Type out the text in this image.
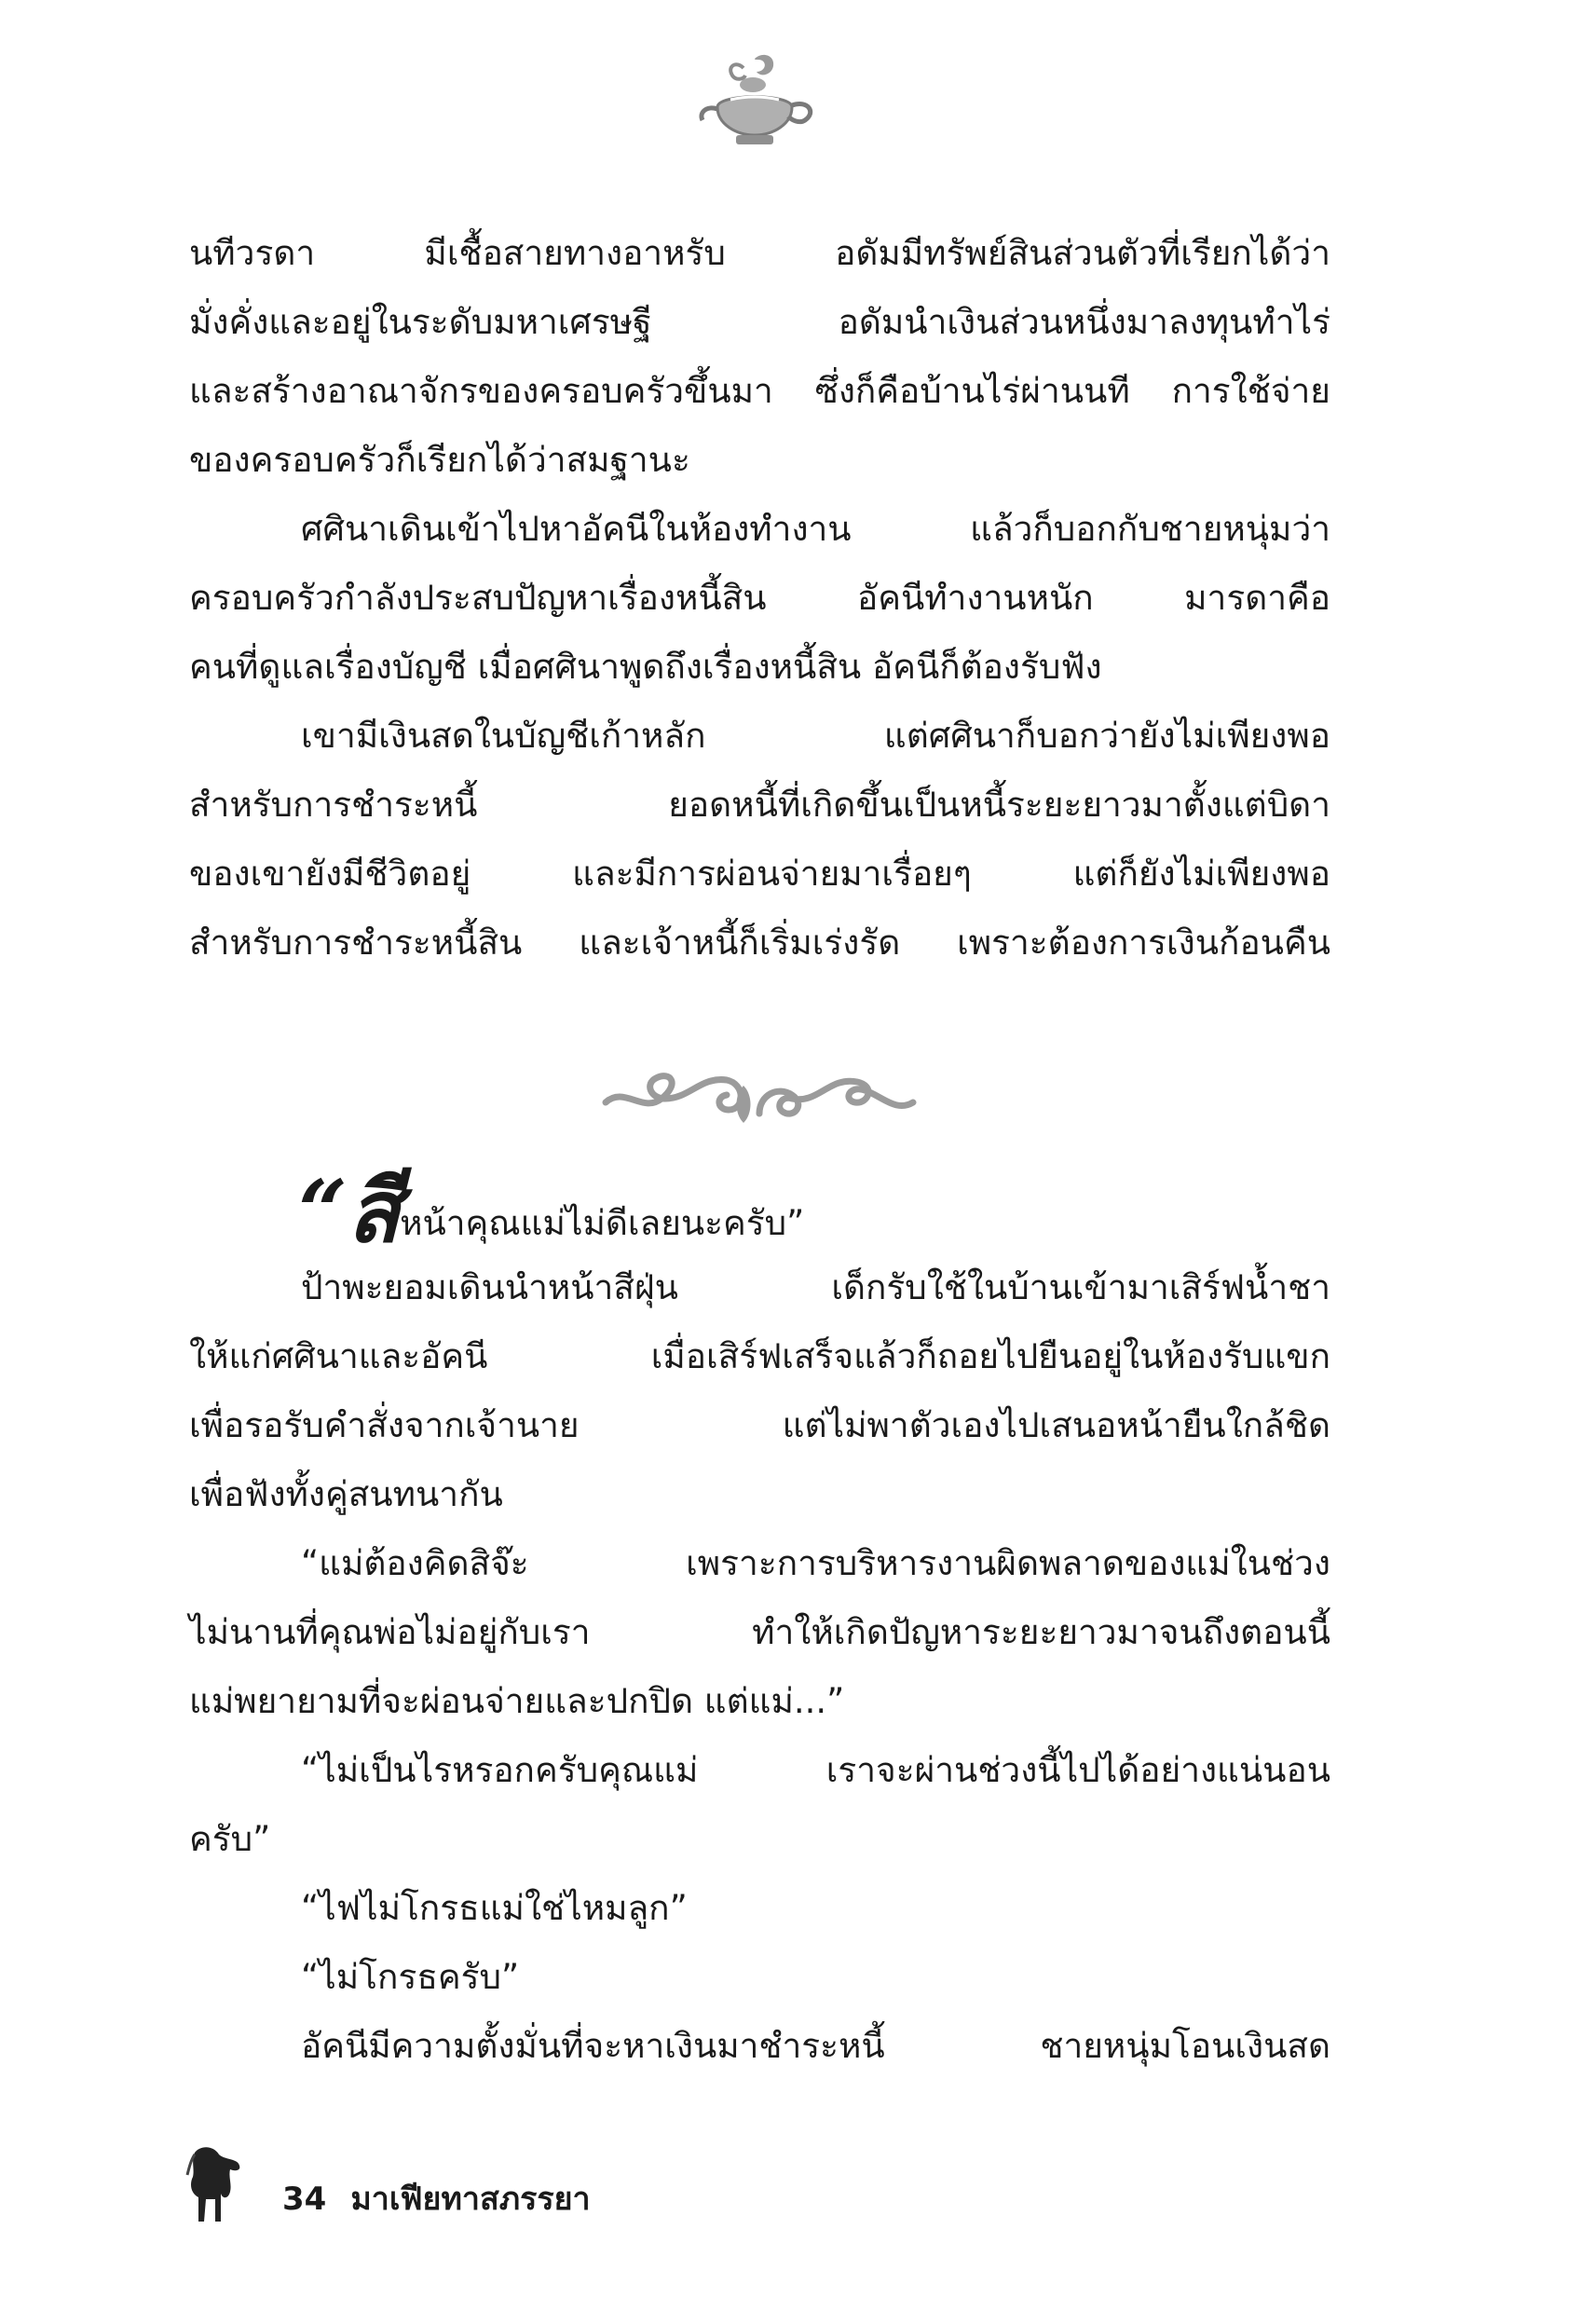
นทีวรดา มีเชื้อสายทางอาหรับ อดัมมีทรัพย์สินส่วนตัวที่เรียกได้ว่า
มั่งคั่งและอยู่ในระดับมหาเศรษฐี อดัมนำเงินส่วนหนึ่งมาลงทุนทำไร่
และสร้างอาณาจักรของครอบครัวขึ้นมา ซึ่งก็คือบ้านไร่ผ่านนที การใช้จ่าย
ของครอบครัวก็เรียกได้ว่าสมฐานะ
ศศินาเดินเข้าไปหาอัคนีในห้องทำงาน แล้วก็บอกกับชายหนุ่มว่า
ครอบครัวกำลังประสบปัญหาเรื่องหนี้สิน อัคนีทำงานหนัก มารดาคือ
คนที่ดูแลเรื่องบัญชี เมื่อศศินาพูดถึงเรื่องหนี้สิน อัคนีก็ต้องรับฟัง
เขามีเงินสดในบัญชีเก้าหลัก แต่ศศินาก็บอกว่ายังไม่เพียงพอ
สำหรับการชำระหนี้ ยอดหนี้ที่เกิดขึ้นเป็นหนี้ระยะยาวมาตั้งแต่บิดา
ของเขายังมีชีวิตอยู่ และมีการผ่อนจ่ายมาเรื่อยๆ แต่ก็ยังไม่เพียงพอ
สำหรับการชำระหนี้สิน และเจ้าหนี้ก็เริ่มเร่งรัด เพราะต้องการเงินก้อนคืน
“สีหน้าคุณแม่ไม่ดีเลยนะครับ”
ป้าพะยอมเดินนำหน้าสีฝุ่น เด็กรับใช้ในบ้านเข้ามาเสิร์ฟน้ำชา
ให้แก่ศศินาและอัคนี เมื่อเสิร์ฟเสร็จแล้วก็ถอยไปยืนอยู่ในห้องรับแขก
เพื่อรอรับคำสั่งจากเจ้านาย แต่ไม่พาตัวเองไปเสนอหน้ายืนใกล้ชิด
เพื่อฟังทั้งคู่สนทนากัน
“แม่ต้องคิดสิจ๊ะ เพราะการบริหารงานผิดพลาดของแม่ในช่วง
ไม่นานที่คุณพ่อไม่อยู่กับเรา ทำให้เกิดปัญหาระยะยาวมาจนถึงตอนนี้
แม่พยายามที่จะผ่อนจ่ายและปกปิด แต่แม่...”
“ไม่เป็นไรหรอกครับคุณแม่ เราจะผ่านช่วงนี้ไปได้อย่างแน่นอน
ครับ”
“ไฟไม่โกรธแม่ใช่ไหมลูก”
“ไม่โกรธครับ”
อัคนีมีความตั้งมั่นที่จะหาเงินมาชำระหนี้ ชายหนุ่มโอนเงินสด
34 มาเฟียทาสภรรยา
